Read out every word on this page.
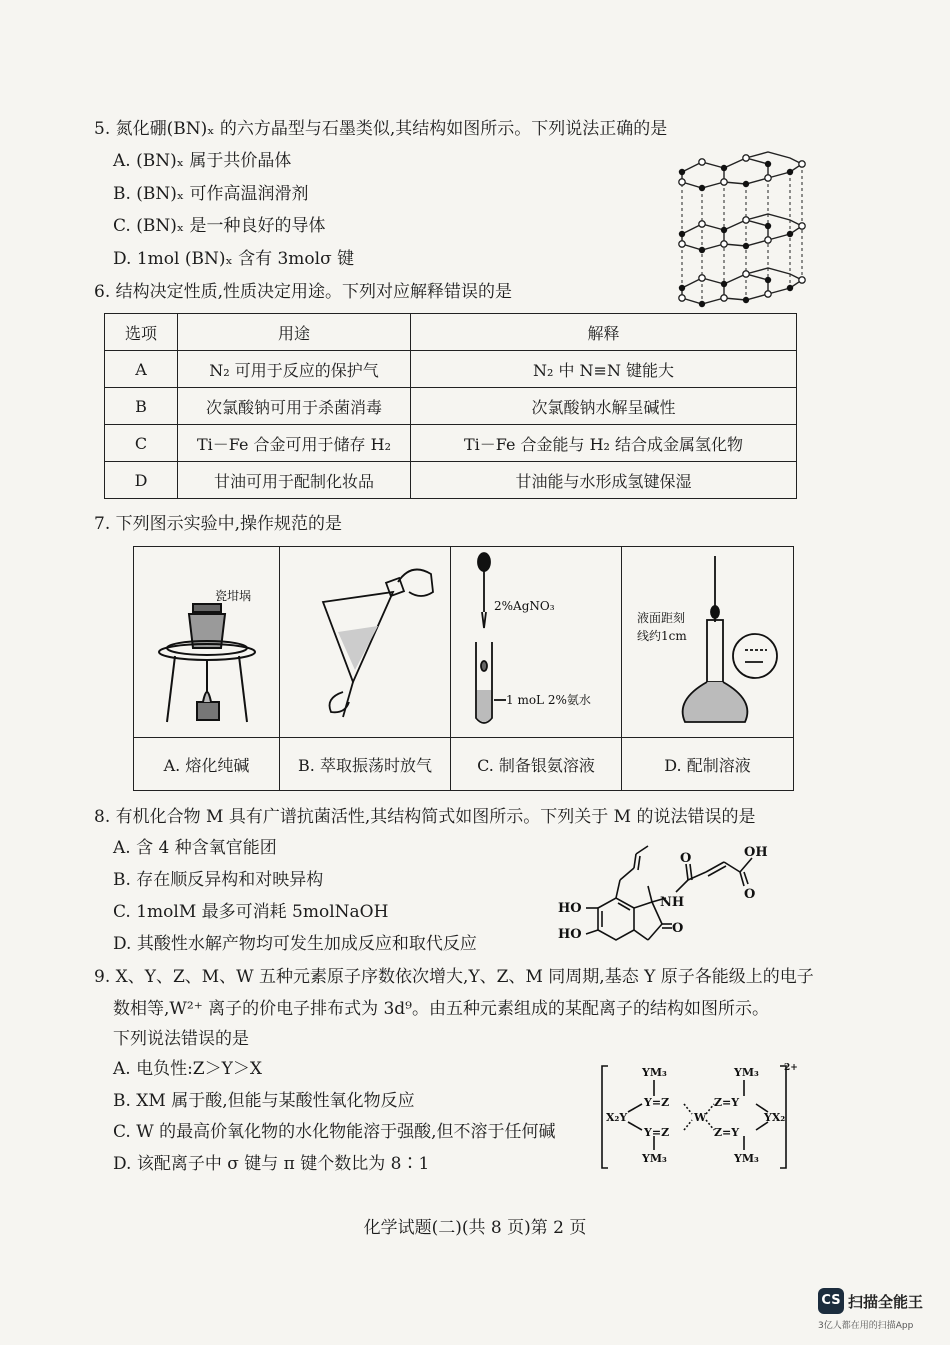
5. 氮化硼(BN)ₓ 的六方晶型与石墨类似,其结构如图所示。下列说法正确的是
A. (BN)ₓ 属于共价晶体
B. (BN)ₓ 可作高温润滑剂
C. (BN)ₓ 是一种良好的导体
D. 1mol (BN)ₓ 含有 3molσ 键
6. 结构决定性质,性质决定用途。下列对应解释错误的是
选项	用途	解释
A	N₂ 可用于反应的保护气	N₂ 中 N≡N 键能大
B	次氯酸钠可用于杀菌消毒	次氯酸钠水解呈碱性
C	Ti－Fe 合金可用于储存 H₂	Ti－Fe 合金能与 H₂ 结合成金属氢化物
D	甘油可用于配制化妆品	甘油能与水形成氢键保湿
7. 下列图示实验中,操作规范的是
瓷坩埚		2%AgNO₃
1 moL 2%氨水	液面距刻
线约1cm

A. 熔化纯碱	B. 萃取振荡时放气	C. 制备银氨溶液	D. 配制溶液
8. 有机化合物 M 具有广谱抗菌活性,其结构简式如图所示。下列关于 M 的说法错误的是
A. 含 4 种含氧官能团
B. 存在顺反异构和对映异构
C. 1molM 最多可消耗 5molNaOH
D. 其酸性水解产物均可发生加成反应和取代反应
OH
O
O
NH
HO
HO	O
9. X、Y、Z、M、W 五种元素原子序数依次增大,Y、Z、M 同周期,基态 Y 原子各能级上的电子
数相等,W²⁺ 离子的价电子排布式为 3d⁹。由五种元素组成的某配离子的结构如图所示。
下列说法错误的是
A. 电负性:Z＞Y＞X
B. XM 属于酸,但能与某酸性氧化物反应
C. W 的最高价氧化物的水化物能溶于强酸,但不溶于任何碱
D. 该配离子中 σ 键与 π 键个数比为 8∶1
YM₃	YM₃
YM₃	YM₃
X₂Y	YX₂
W
Y=Z
Y=Z
Z=Y
Z=Y
2+
化学试题(二)(共 8 页)第 2 页
CS 扫描全能王
3亿人都在用的扫描App
